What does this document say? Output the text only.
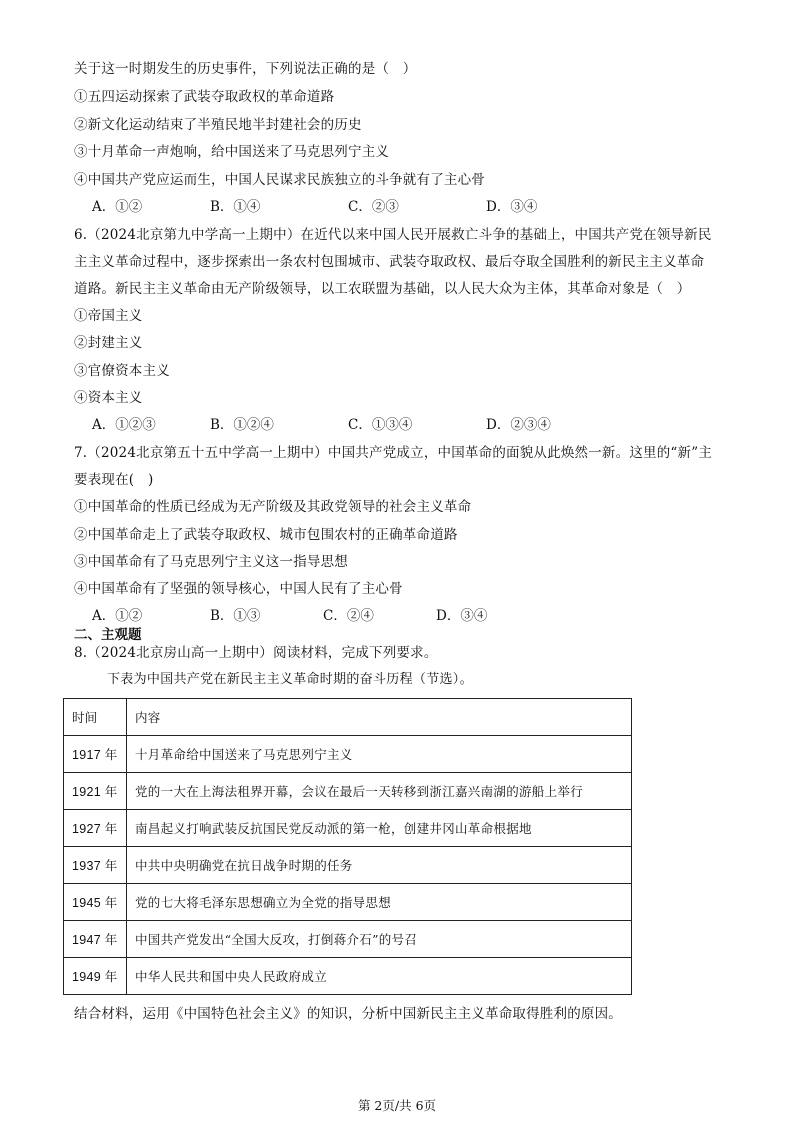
关于这一时期发生的历史事件，下列说法正确的是（　）
①五四运动探索了武装夺取政权的革命道路
②新文化运动结束了半殖民地半封建社会的历史
③十月革命一声炮响，给中国送来了马克思列宁主义
④中国共产党应运而生，中国人民谋求民族独立的斗争就有了主心骨
A．①②	B．①④	C．②③	D．③④
6.（2024北京第九中学高一上期中）在近代以来中国人民开展救亡斗争的基础上，中国共产党在领导新民
主主义革命过程中，逐步探索出一条农村包围城市、武装夺取政权、最后夺取全国胜利的新民主主义革命
道路。新民主主义革命由无产阶级领导，以工农联盟为基础，以人民大众为主体，其革命对象是（　）
①帝国主义
②封建主义
③官僚资本主义
④资本主义
A．①②③	B．①②④	C．①③④	D．②③④
7.（2024北京第五十五中学高一上期中）中国共产党成立，中国革命的面貌从此焕然一新。这里的“新”主
要表现在(　)
①中国革命的性质已经成为无产阶级及其政党领导的社会主义革命
②中国革命走上了武装夺取政权、城市包围农村的正确革命道路
③中国革命有了马克思列宁主义这一指导思想
④中国革命有了坚强的领导核心，中国人民有了主心骨
A．①②	B．①③	C．②④	D．③④
二、主观题
8.（2024北京房山高一上期中）阅读材料，完成下列要求。
下表为中国共产党在新民主主义革命时期的奋斗历程（节选）。
时间	内容
1917 年	十月革命给中国送来了马克思列宁主义
1921 年	党的一大在上海法租界开幕，会议在最后一天转移到浙江嘉兴南湖的游船上举行
1927 年	南昌起义打响武装反抗国民党反动派的第一枪，创建井冈山革命根据地
1937 年	中共中央明确党在抗日战争时期的任务
1945 年	党的七大将毛泽东思想确立为全党的指导思想
1947 年	中国共产党发出“全国大反攻，打倒蒋介石”的号召
1949 年	中华人民共和国中央人民政府成立
结合材料，运用《中国特色社会主义》的知识，分析中国新民主主义革命取得胜利的原因。
第 2页/共 6页
